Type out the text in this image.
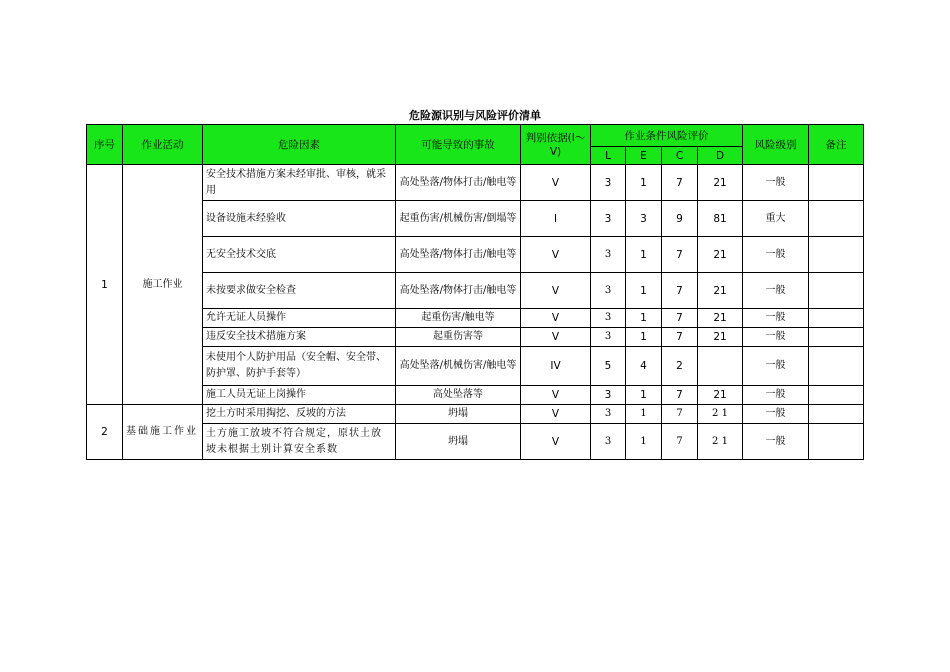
危险源识别与风险评价清单
序号	作业活动	危险因素	可能导致的事故	判别依据(I～V)	作业条件风险评价				风险级别	备注
					L	E	C	D		
1	施工作业	安全技术措施方案未经审批、审核，就采用	高处坠落/物体打击/触电等	V	3	1	7	21	一般	
		设备设施未经验收	起重伤害/机械伤害/倒塌等	I	3	3	9	81	重大	
		无安全技术交底	高处坠落/物体打击/触电等	V	3	1	7	21	一般	
		未按要求做安全检查	高处坠落/物体打击/触电等	V	3	1	7	21	一般	
		允许无证人员操作	起重伤害/触电等	V	3	1	7	21	一般	
		违反安全技术措施方案	起重伤害等	V	3	1	7	21	一般	
		未使用个人防护用品（安全帽、安全带、防护罩、防护手套等）	高处坠落/机械伤害/触电等	IV	5	4	2		一般	
		施工人员无证上岗操作	高处坠落等	V	3	1	7	21	一般	
2	基础施工作业	挖土方时采用掏挖、反坡的方法	坍塌	V	3	1	7	2 1	一般	
		土方施工放坡不符合规定，原状土放坡未根据土别计算安全系数	坍塌	V	3	1	7	2 1	一般	
